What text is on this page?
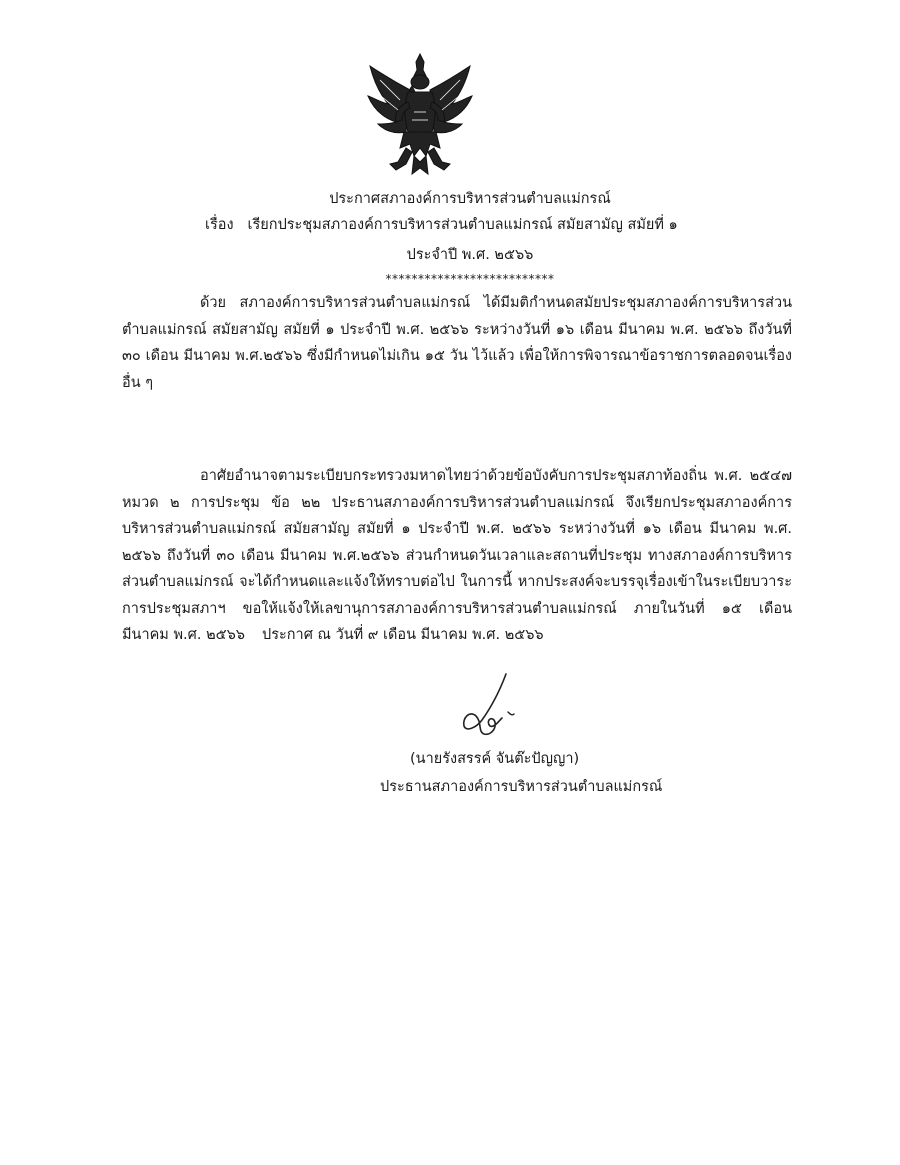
ประกาศสภาองค์การบริหารส่วนตำบลแม่กรณ์
เรื่อง เรียกประชุมสภาองค์การบริหารส่วนตำบลแม่กรณ์ สมัยสามัญ สมัยที่ ๑
ประจำปี พ.ศ. ๒๕๖๖
**************************
ด้วย สภาองค์การบริหารส่วนตำบลแม่กรณ์ ได้มีมติกำหนดสมัยประชุมสภาองค์การบริหารส่วนตำบลแม่กรณ์ สมัยสามัญ สมัยที่ ๑ ประจำปี พ.ศ. ๒๕๖๖ ระหว่างวันที่ ๑๖ เดือน มีนาคม พ.ศ. ๒๕๖๖ ถึงวันที่ ๓๐ เดือน มีนาคม พ.ศ.๒๕๖๖ ซึ่งมีกำหนดไม่เกิน ๑๕ วัน ไว้แล้ว เพื่อให้การพิจารณาข้อราชการตลอดจนเรื่องอื่น ๆ
อาศัยอำนาจตามระเบียบกระทรวงมหาดไทยว่าด้วยข้อบังคับการประชุมสภาท้องถิ่น พ.ศ. ๒๕๔๗ หมวด ๒ การประชุม ข้อ ๒๒ ประธานสภาองค์การบริหารส่วนตำบลแม่กรณ์ จึงเรียกประชุมสภาองค์การบริหารส่วนตำบลแม่กรณ์ สมัยสามัญ สมัยที่ ๑ ประจำปี พ.ศ. ๒๕๖๖ ระหว่างวันที่ ๑๖ เดือน มีนาคม พ.ศ. ๒๕๖๖ ถึงวันที่ ๓๐ เดือน มีนาคม พ.ศ.๒๕๖๖ ส่วนกำหนดวันเวลาและสถานที่ประชุม ทางสภาองค์การบริหารส่วนตำบลแม่กรณ์ จะได้กำหนดและแจ้งให้ทราบต่อไป ในการนี้ หากประสงค์จะบรรจุเรื่องเข้าในระเบียบวาระการประชุมสภาฯ ขอให้แจ้งให้เลขานุการสภาองค์การบริหารส่วนตำบลแม่กรณ์ ภายในวันที่ ๑๕ เดือน มีนาคม พ.ศ. ๒๕๖๖	ประกาศ ณ วันที่ ๙ เดือน มีนาคม พ.ศ. ๒๕๖๖
(นายรังสรรค์ จันต๊ะปัญญา)
ประธานสภาองค์การบริหารส่วนตำบลแม่กรณ์
